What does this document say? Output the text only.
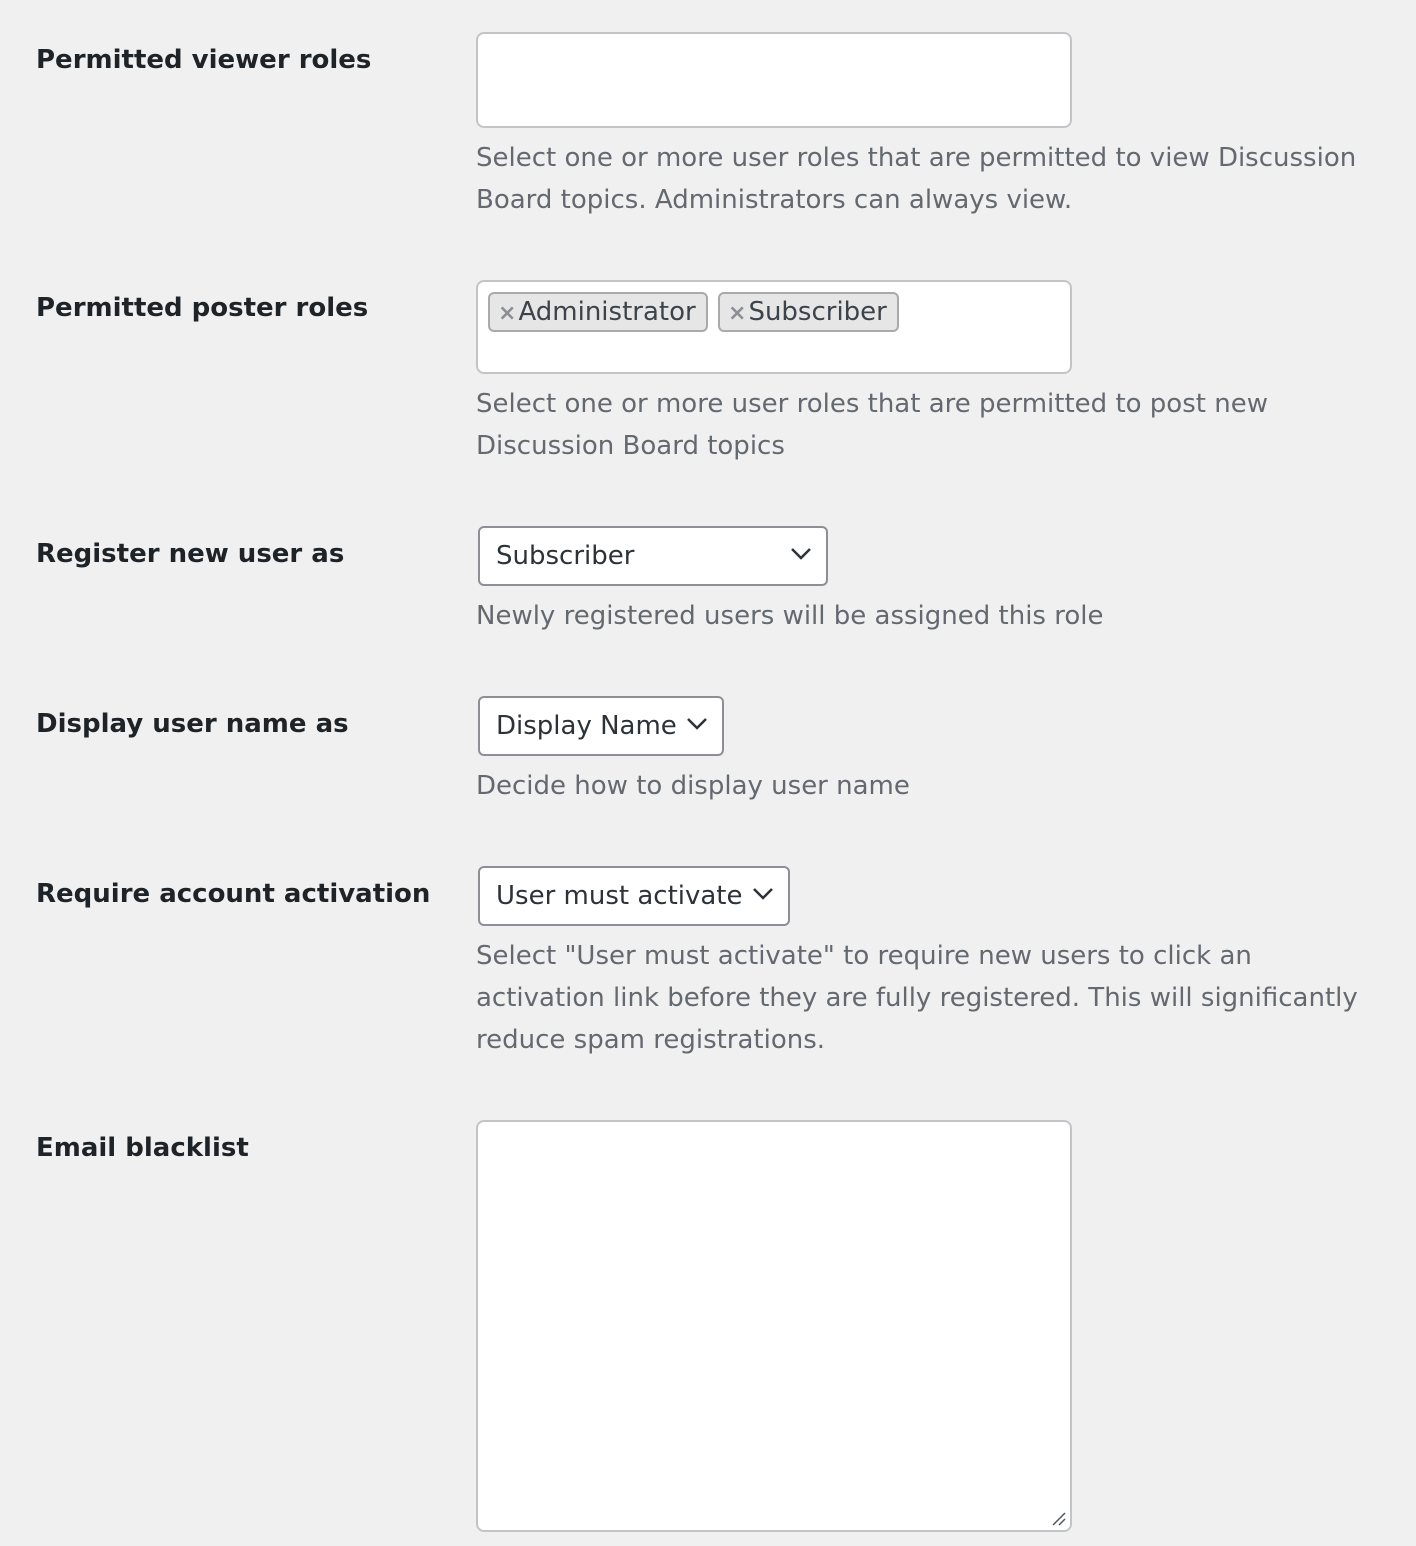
Permitted viewer roles
Select one or more user roles that are permitted to view Discussion Board topics. Administrators can always view.
Permitted poster roles	×Administrator	×Subscriber
Select one or more user roles that are permitted to post new Discussion Board topics
Register new user as	Subscriber
Newly registered users will be assigned this role
Display user name as	Display Name
Decide how to display user name
Require account activation	User must activate
Select "User must activate" to require new users to click an activation link before they are fully registered. This will significantly reduce spam registrations.
Email blacklist
